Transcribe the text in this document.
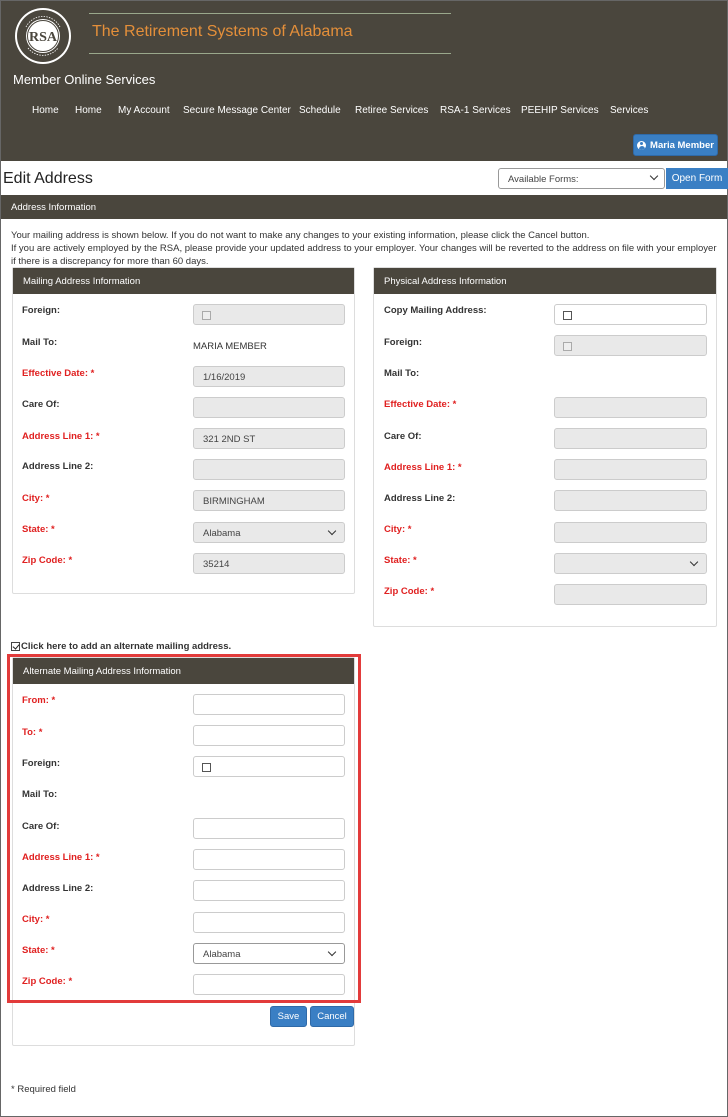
RSA The Retirement Systems of Alabama
Member Online Services
Home Home My Account Secure Message Center Schedule Retiree Services RSA-1 Services PEEHIP Services Services
Maria Member
Edit Address	Available Forms:	Open Form
Address Information
Your mailing address is shown below. If you do not want to make any changes to your existing information, please click the Cancel button.
If you are actively employed by the RSA, please provide your updated address to your employer. Your changes will be reverted to the address on file with your employer if there is a discrepancy for more than 60 days.
Mailing Address Information
Foreign:
Mail To:	MARIA MEMBER
Effective Date: *	1/16/2019
Care Of:
Address Line 1: *	321 2ND ST
Address Line 2:
City: *	BIRMINGHAM
State: *	Alabama
Zip Code: *	35214
Physical Address Information
Copy Mailing Address:
Foreign:
Mail To:
Effective Date: *
Care Of:
Address Line 1: *
Address Line 2:
City: *
State: *
Zip Code: *
Click here to add an alternate mailing address.
Alternate Mailing Address Information
From: *
To: *
Foreign:
Mail To:
Care Of:
Address Line 1: *
Address Line 2:
City: *
State: *	Alabama
Zip Code: *
Save	Cancel
* Required field
